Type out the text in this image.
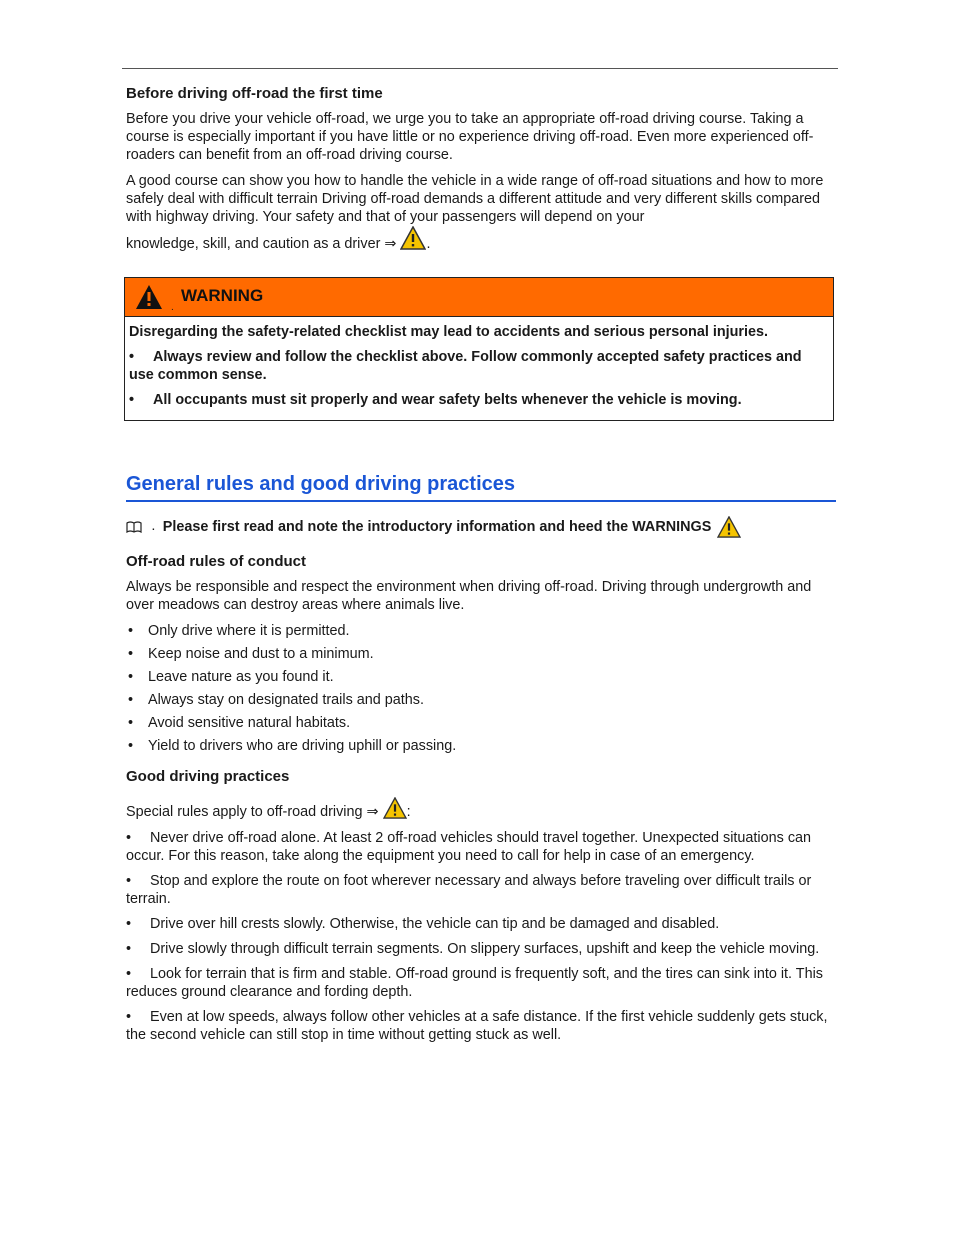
Before driving off-road the first time

Before you drive your vehicle off-road, we urge you to take an appropriate off-road driving course. Taking a course is especially important if you have little or no experience driving off-road. Even more experienced off-roaders can benefit from an off-road driving course.

A good course can show you how to handle the vehicle in a wide range of off-road situations and how to more safely deal with difficult terrain Driving off-road demands a different attitude and very different skills compared with highway driving. Your safety and that of your passengers will depend on your
knowledge, skill, and caution as a driver ⇒ .

.
WARNING

Disregarding the safety-related checklist may lead to accidents and serious personal injuries.

• Always review and follow the checklist above. Follow commonly accepted safety practices and use common sense.

• All occupants must sit properly and wear safety belts whenever the vehicle is moving.

General rules and good driving practices
. Please first read and note the introductory information and heed the WARNINGS
Off-road rules of conduct

Always be responsible and respect the environment when driving off-road. Driving through undergrowth and over meadows can destroy areas where animals live.

• Only drive where it is permitted.
• Keep noise and dust to a minimum.
• Leave nature as you found it.
• Always stay on designated trails and paths.
• Avoid sensitive natural habitats.
• Yield to drivers who are driving uphill or passing.
Good driving practices

Special rules apply to off-road driving ⇒ :

• Never drive off-road alone. At least 2 off-road vehicles should travel together. Unexpected situations can occur. For this reason, take along the equipment you need to call for help in case of an emergency.

• Stop and explore the route on foot wherever necessary and always before traveling over difficult trails or terrain.

• Drive over hill crests slowly. Otherwise, the vehicle can tip and be damaged and disabled.

• Drive slowly through difficult terrain segments. On slippery surfaces, upshift and keep the vehicle moving.

• Look for terrain that is firm and stable. Off-road ground is frequently soft, and the tires can sink into it. This reduces ground clearance and fording depth.

• Even at low speeds, always follow other vehicles at a safe distance. If the first vehicle suddenly gets stuck, the second vehicle can still stop in time without getting stuck as well.
